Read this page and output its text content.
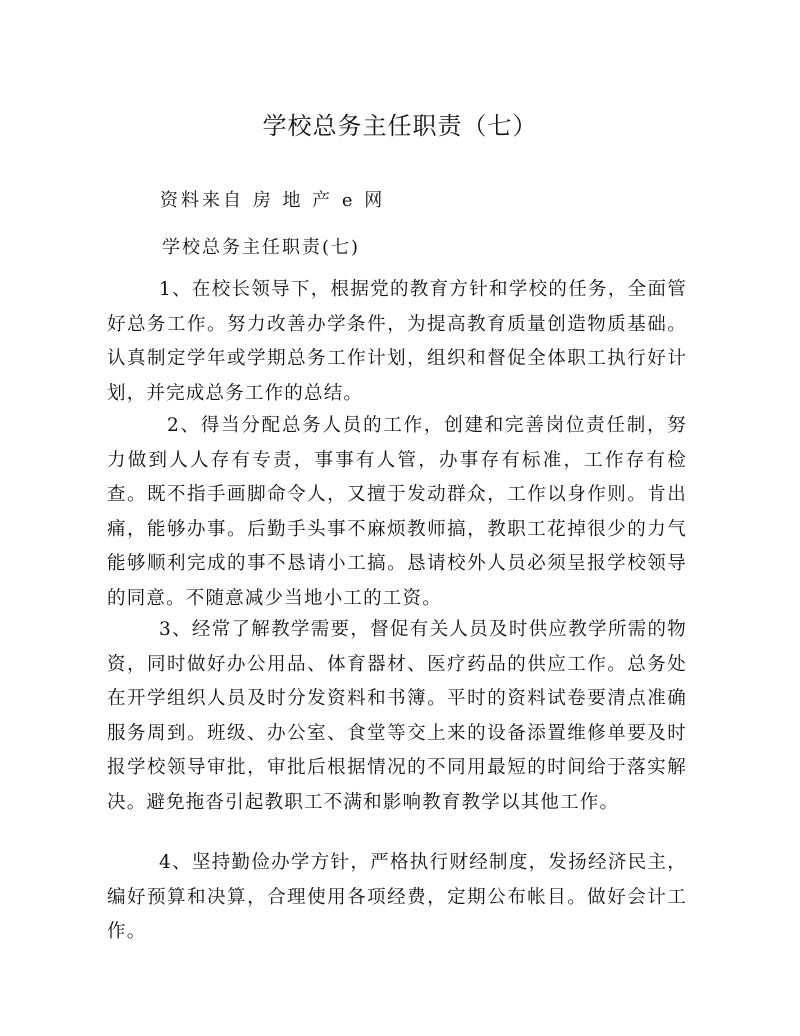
学校总务主任职责（七）
资料来自 房 地 产 e 网
学校总务主任职责(七)

1、在校长领导下，根据党的教育方针和学校的任务，全面管好总务工作。努力改善办学条件，为提高教育质量创造物质基础。认真制定学年或学期总务工作计划，组织和督促全体职工执行好计划，并完成总务工作的总结。

2、得当分配总务人员的工作，创建和完善岗位责任制，努力做到人人存有专责，事事有人管，办事存有标准，工作存有检查。既不指手画脚命令人，又擅于发动群众，工作以身作则。肯出痛，能够办事。后勤手头事不麻烦教师搞，教职工花掉很少的力气能够顺利完成的事不恳请小工搞。恳请校外人员必须呈报学校领导的同意。不随意减少当地小工的工资。

3、经常了解教学需要，督促有关人员及时供应教学所需的物资，同时做好办公用品、体育器材、医疗药品的供应工作。总务处在开学组织人员及时分发资料和书簿。平时的资料试卷要清点准确服务周到。班级、办公室、食堂等交上来的设备添置维修单要及时报学校领导审批，审批后根据情况的不同用最短的时间给于落实解决。避免拖沓引起教职工不满和影响教育教学以其他工作。

4、坚持勤俭办学方针，严格执行财经制度，发扬经济民主，编好预算和决算，合理使用各项经费，定期公布帐目。做好会计工作。
